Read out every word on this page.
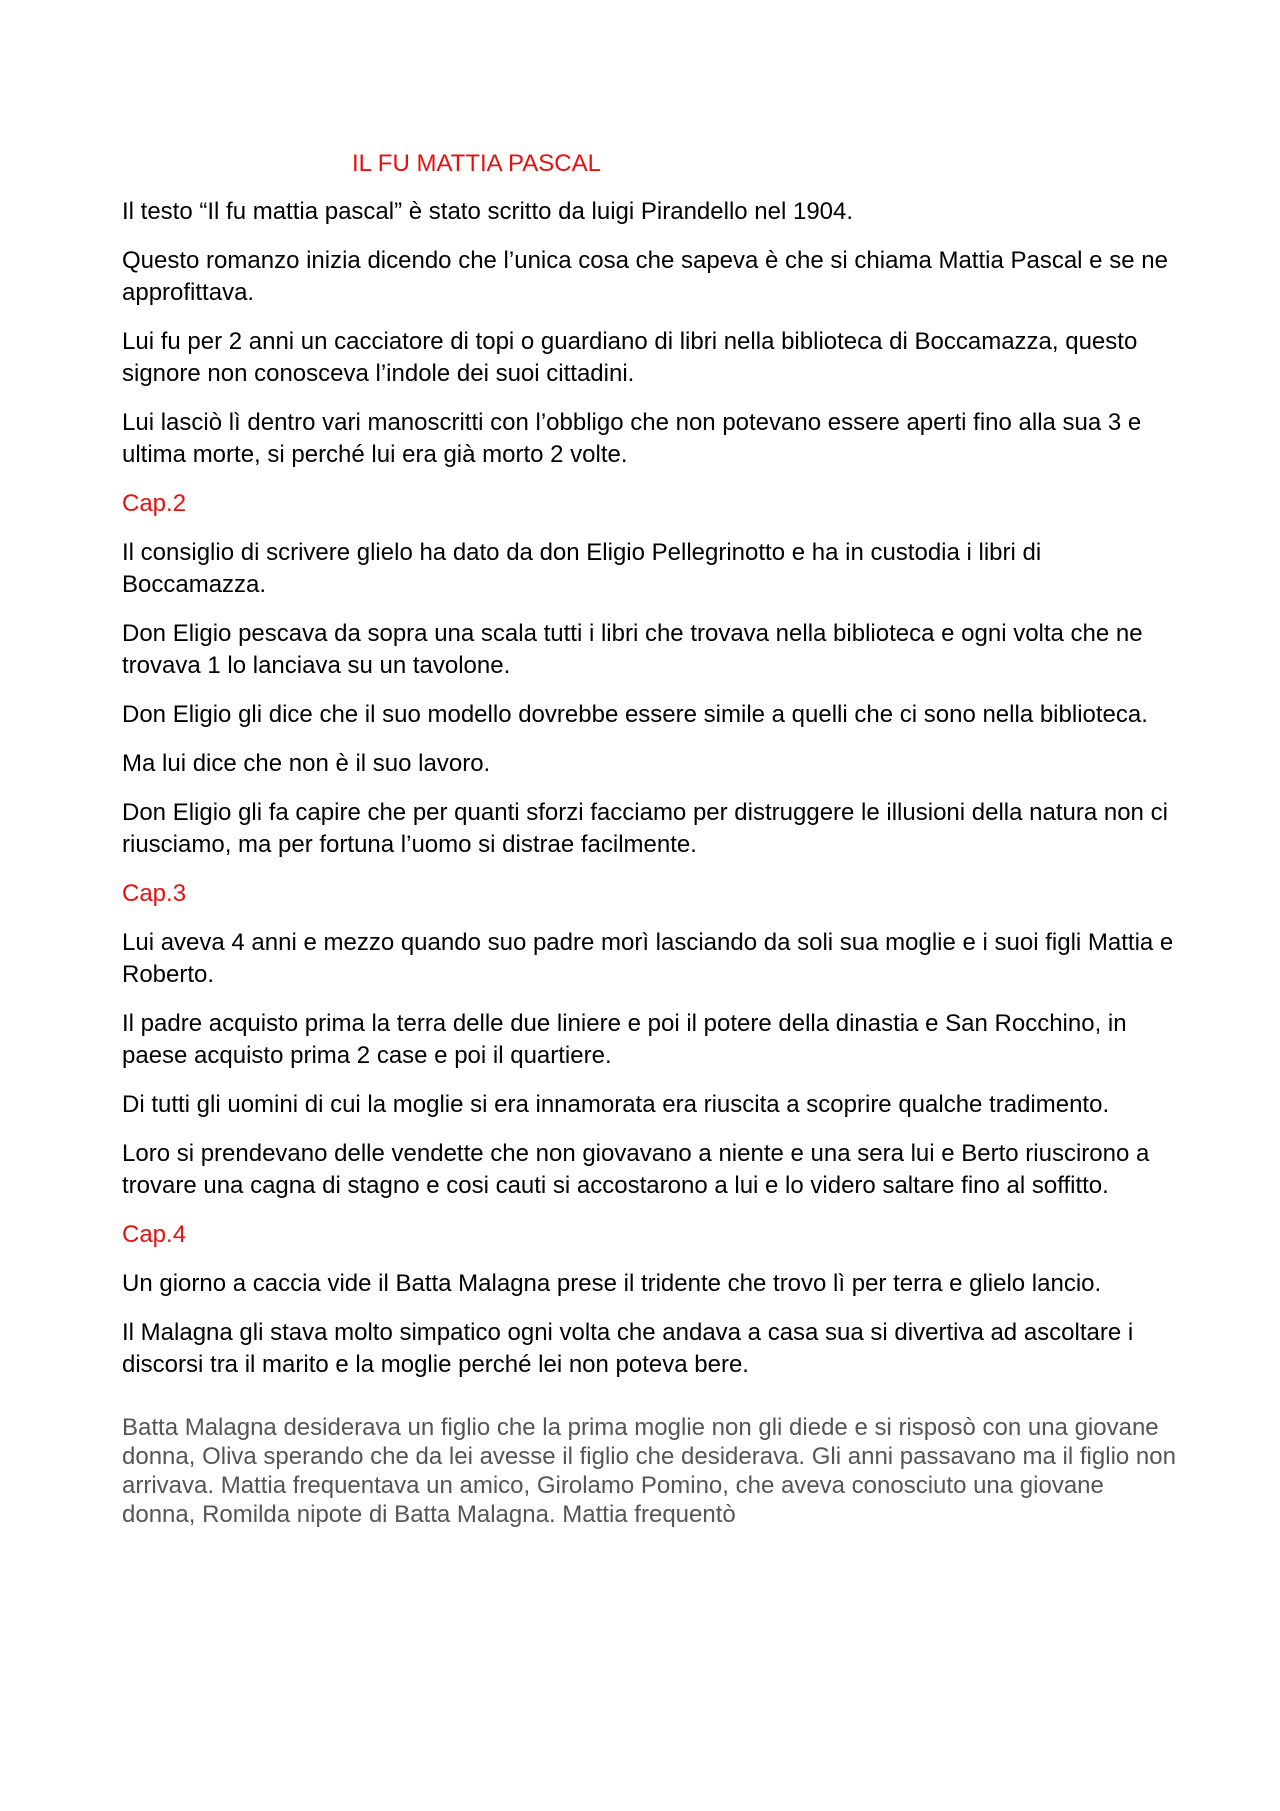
IL FU MATTIA PASCAL

Il testo “Il fu mattia pascal” è stato scritto da luigi Pirandello nel 1904.

Questo romanzo inizia dicendo che l’unica cosa che sapeva è che si chiama Mattia Pascal e se ne approfittava.

Lui fu per 2 anni un cacciatore di topi o guardiano di libri nella biblioteca di Boccamazza, questo signore non conosceva l’indole dei suoi cittadini.

Lui lasciò lì dentro vari manoscritti con l’obbligo che non potevano essere aperti fino alla sua 3 e ultima morte, si perché lui era già morto 2 volte.

Cap.2

Il consiglio di scrivere glielo ha dato da don Eligio Pellegrinotto e ha in custodia i libri di Boccamazza.

Don Eligio pescava da sopra una scala tutti i libri che trovava nella biblioteca e ogni volta che ne trovava 1 lo lanciava su un tavolone.

Don Eligio gli dice che il suo modello dovrebbe essere simile a quelli che ci sono nella biblioteca.

Ma lui dice che non è il suo lavoro.

Don Eligio gli fa capire che per quanti sforzi facciamo per distruggere le illusioni della natura non ci riusciamo, ma per fortuna l’uomo si distrae facilmente.

Cap.3

Lui aveva 4 anni e mezzo quando suo padre morì lasciando da soli sua moglie e i suoi figli Mattia e Roberto.

Il padre acquisto prima la terra delle due liniere e poi il potere della dinastia e San Rocchino, in paese acquisto prima 2 case e poi il quartiere.

Di tutti gli uomini di cui la moglie si era innamorata era riuscita a scoprire qualche tradimento.

Loro si prendevano delle vendette che non giovavano a niente e una sera lui e Berto riuscirono a trovare una cagna di stagno e cosi cauti si accostarono a lui e lo videro saltare fino al soffitto.

Cap.4

Un giorno a caccia vide il Batta Malagna prese il tridente che trovo lì per terra e glielo lancio.

Il Malagna gli stava molto simpatico ogni volta che andava a casa sua si divertiva ad ascoltare i discorsi tra il marito e la moglie perché lei non poteva bere.

Batta Malagna desiderava un figlio che la prima moglie non gli diede e si risposò con una giovane donna, Oliva sperando che da lei avesse il figlio che desiderava. Gli anni passavano ma il figlio non arrivava. Mattia frequentava un amico, Girolamo Pomino, che aveva conosciuto una giovane donna, Romilda nipote di Batta Malagna. Mattia frequentò
